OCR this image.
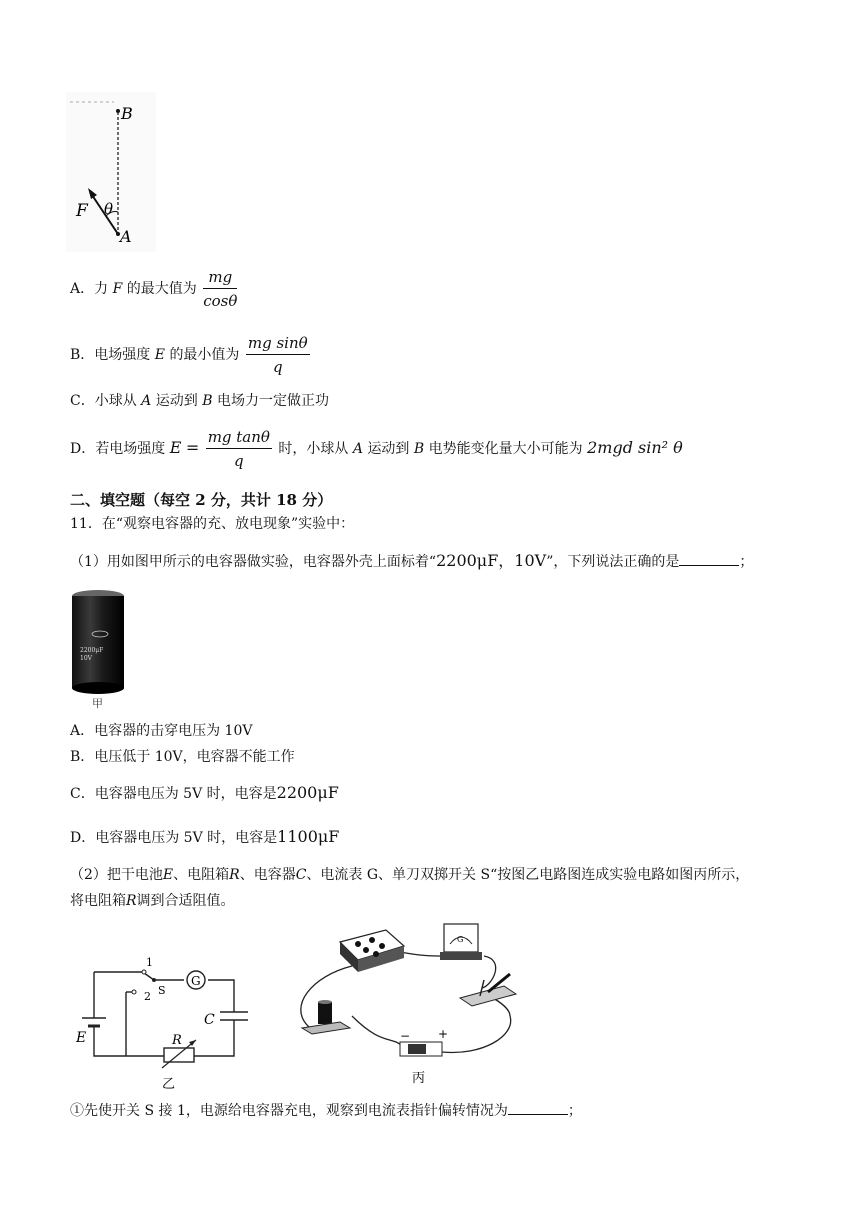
B
A
F θ
A．力 F 的最大值为 $\frac{mg}{\cos\theta}$
B．电场强度 E 的最小值为 $\frac{\text{mg sinθ}}{q}$
C．小球从 A 运动到 B 电场力一定做正功
D．若电场强度 $E = \frac{\text{mg tanθ}}{q}$ 时，小球从 A 运动到 B 电势能变化量大小可能为 2mgd sin² θ
二、填空题（每空 2 分，共计 18 分）
11．在“观察电容器的充、放电现象”实验中：
（1）用如图甲所示的电容器做实验，电容器外壳上面标着“2200μF，10V”，下列说法正确的是	；
2200μF
10V
甲
A．电容器的击穿电压为 10V
B．电压低于 10V，电容器不能工作
C．电容器电压为 5V 时，电容是2200μF
D．电容器电压为 5V 时，电容是1100μF
（2）把干电池E、电阻箱R、电容器C、电流表 G、单刀双掷开关 S“按图乙电路图连成实验电路如图丙所示，
将电阻箱R调到合适阻值。
G
1
2 S
E
C
R
乙
G
− +
丙
①先使开关 S 接 1，电源给电容器充电，观察到电流表指针偏转情况为	；
